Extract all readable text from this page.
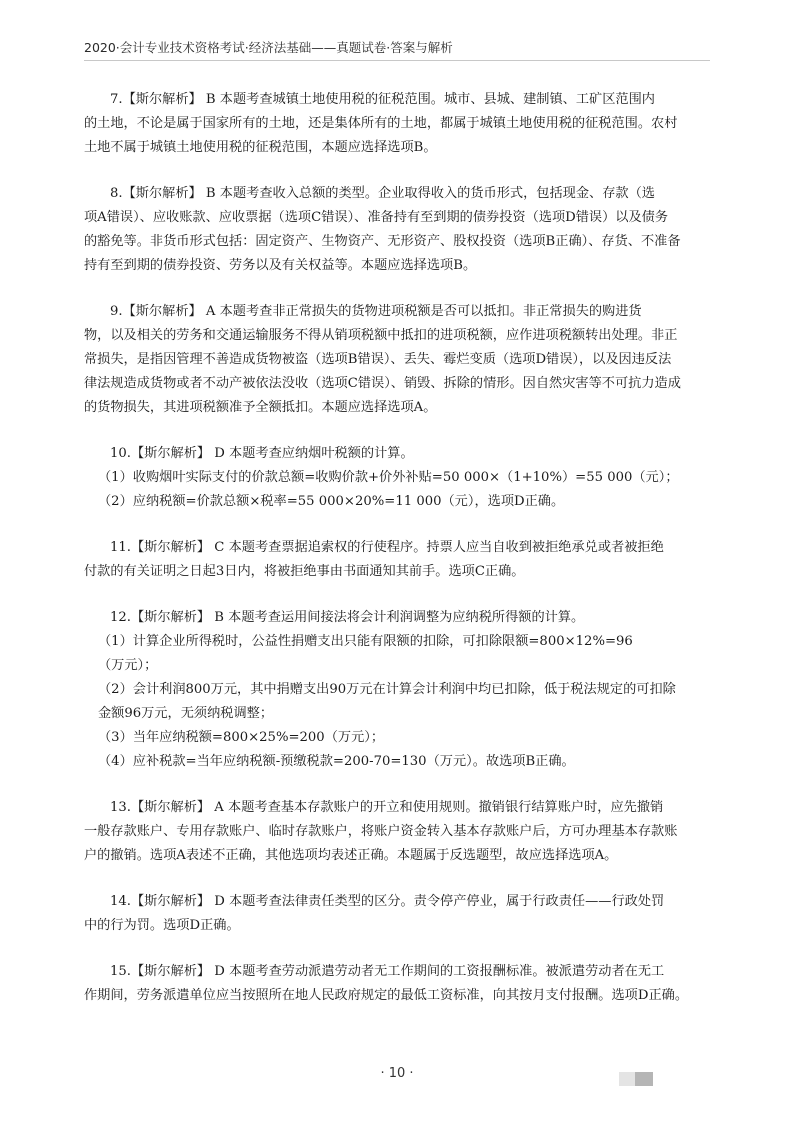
2020·会计专业技术资格考试·经济法基础——真题试卷·答案与解析
7.【斯尔解析】 B 本题考查城镇土地使用税的征税范围。城市、县城、建制镇、工矿区范围内
的土地，不论是属于国家所有的土地，还是集体所有的土地，都属于城镇土地使用税的征税范围。农村
土地不属于城镇土地使用税的征税范围，本题应选择选项B。
8.【斯尔解析】 B 本题考查收入总额的类型。企业取得收入的货币形式，包括现金、存款（选
项A错误）、应收账款、应收票据（选项C错误）、准备持有至到期的债券投资（选项D错误）以及债务
的豁免等。非货币形式包括：固定资产、生物资产、无形资产、股权投资（选项B正确）、存货、不准备
持有至到期的债券投资、劳务以及有关权益等。本题应选择选项B。
9.【斯尔解析】 A 本题考查非正常损失的货物进项税额是否可以抵扣。非正常损失的购进货
物，以及相关的劳务和交通运输服务不得从销项税额中抵扣的进项税额，应作进项税额转出处理。非正
常损失，是指因管理不善造成货物被盗（选项B错误）、丢失、霉烂变质（选项D错误），以及因违反法
律法规造成货物或者不动产被依法没收（选项C错误）、销毁、拆除的情形。因自然灾害等不可抗力造成
的货物损失，其进项税额准予全额抵扣。本题应选择选项A。
10.【斯尔解析】 D 本题考查应纳烟叶税额的计算。
（1）收购烟叶实际支付的价款总额=收购价款+价外补贴=50 000×（1+10%）=55 000（元）；
（2）应纳税额=价款总额×税率=55 000×20%=11 000（元），选项D正确。
11.【斯尔解析】 C 本题考查票据追索权的行使程序。持票人应当自收到被拒绝承兑或者被拒绝
付款的有关证明之日起3日内，将被拒绝事由书面通知其前手。选项C正确。
12.【斯尔解析】 B 本题考查运用间接法将会计利润调整为应纳税所得额的计算。
（1）计算企业所得税时，公益性捐赠支出只能有限额的扣除，可扣除限额=800×12%=96
（万元）；
（2）会计利润800万元，其中捐赠支出90万元在计算会计利润中均已扣除，低于税法规定的可扣除
金额96万元，无须纳税调整；
（3）当年应纳税额=800×25%=200（万元）；
（4）应补税款=当年应纳税额-预缴税款=200-70=130（万元）。故选项B正确。
13.【斯尔解析】 A 本题考查基本存款账户的开立和使用规则。撤销银行结算账户时，应先撤销
一般存款账户、专用存款账户、临时存款账户，将账户资金转入基本存款账户后，方可办理基本存款账
户的撤销。选项A表述不正确，其他选项均表述正确。本题属于反选题型，故应选择选项A。
14.【斯尔解析】 D 本题考查法律责任类型的区分。责令停产停业，属于行政责任——行政处罚
中的行为罚。选项D正确。
15.【斯尔解析】 D 本题考查劳动派遣劳动者无工作期间的工资报酬标准。被派遣劳动者在无工
作期间，劳务派遣单位应当按照所在地人民政府规定的最低工资标准，向其按月支付报酬。选项D正确。
· 10 ·
